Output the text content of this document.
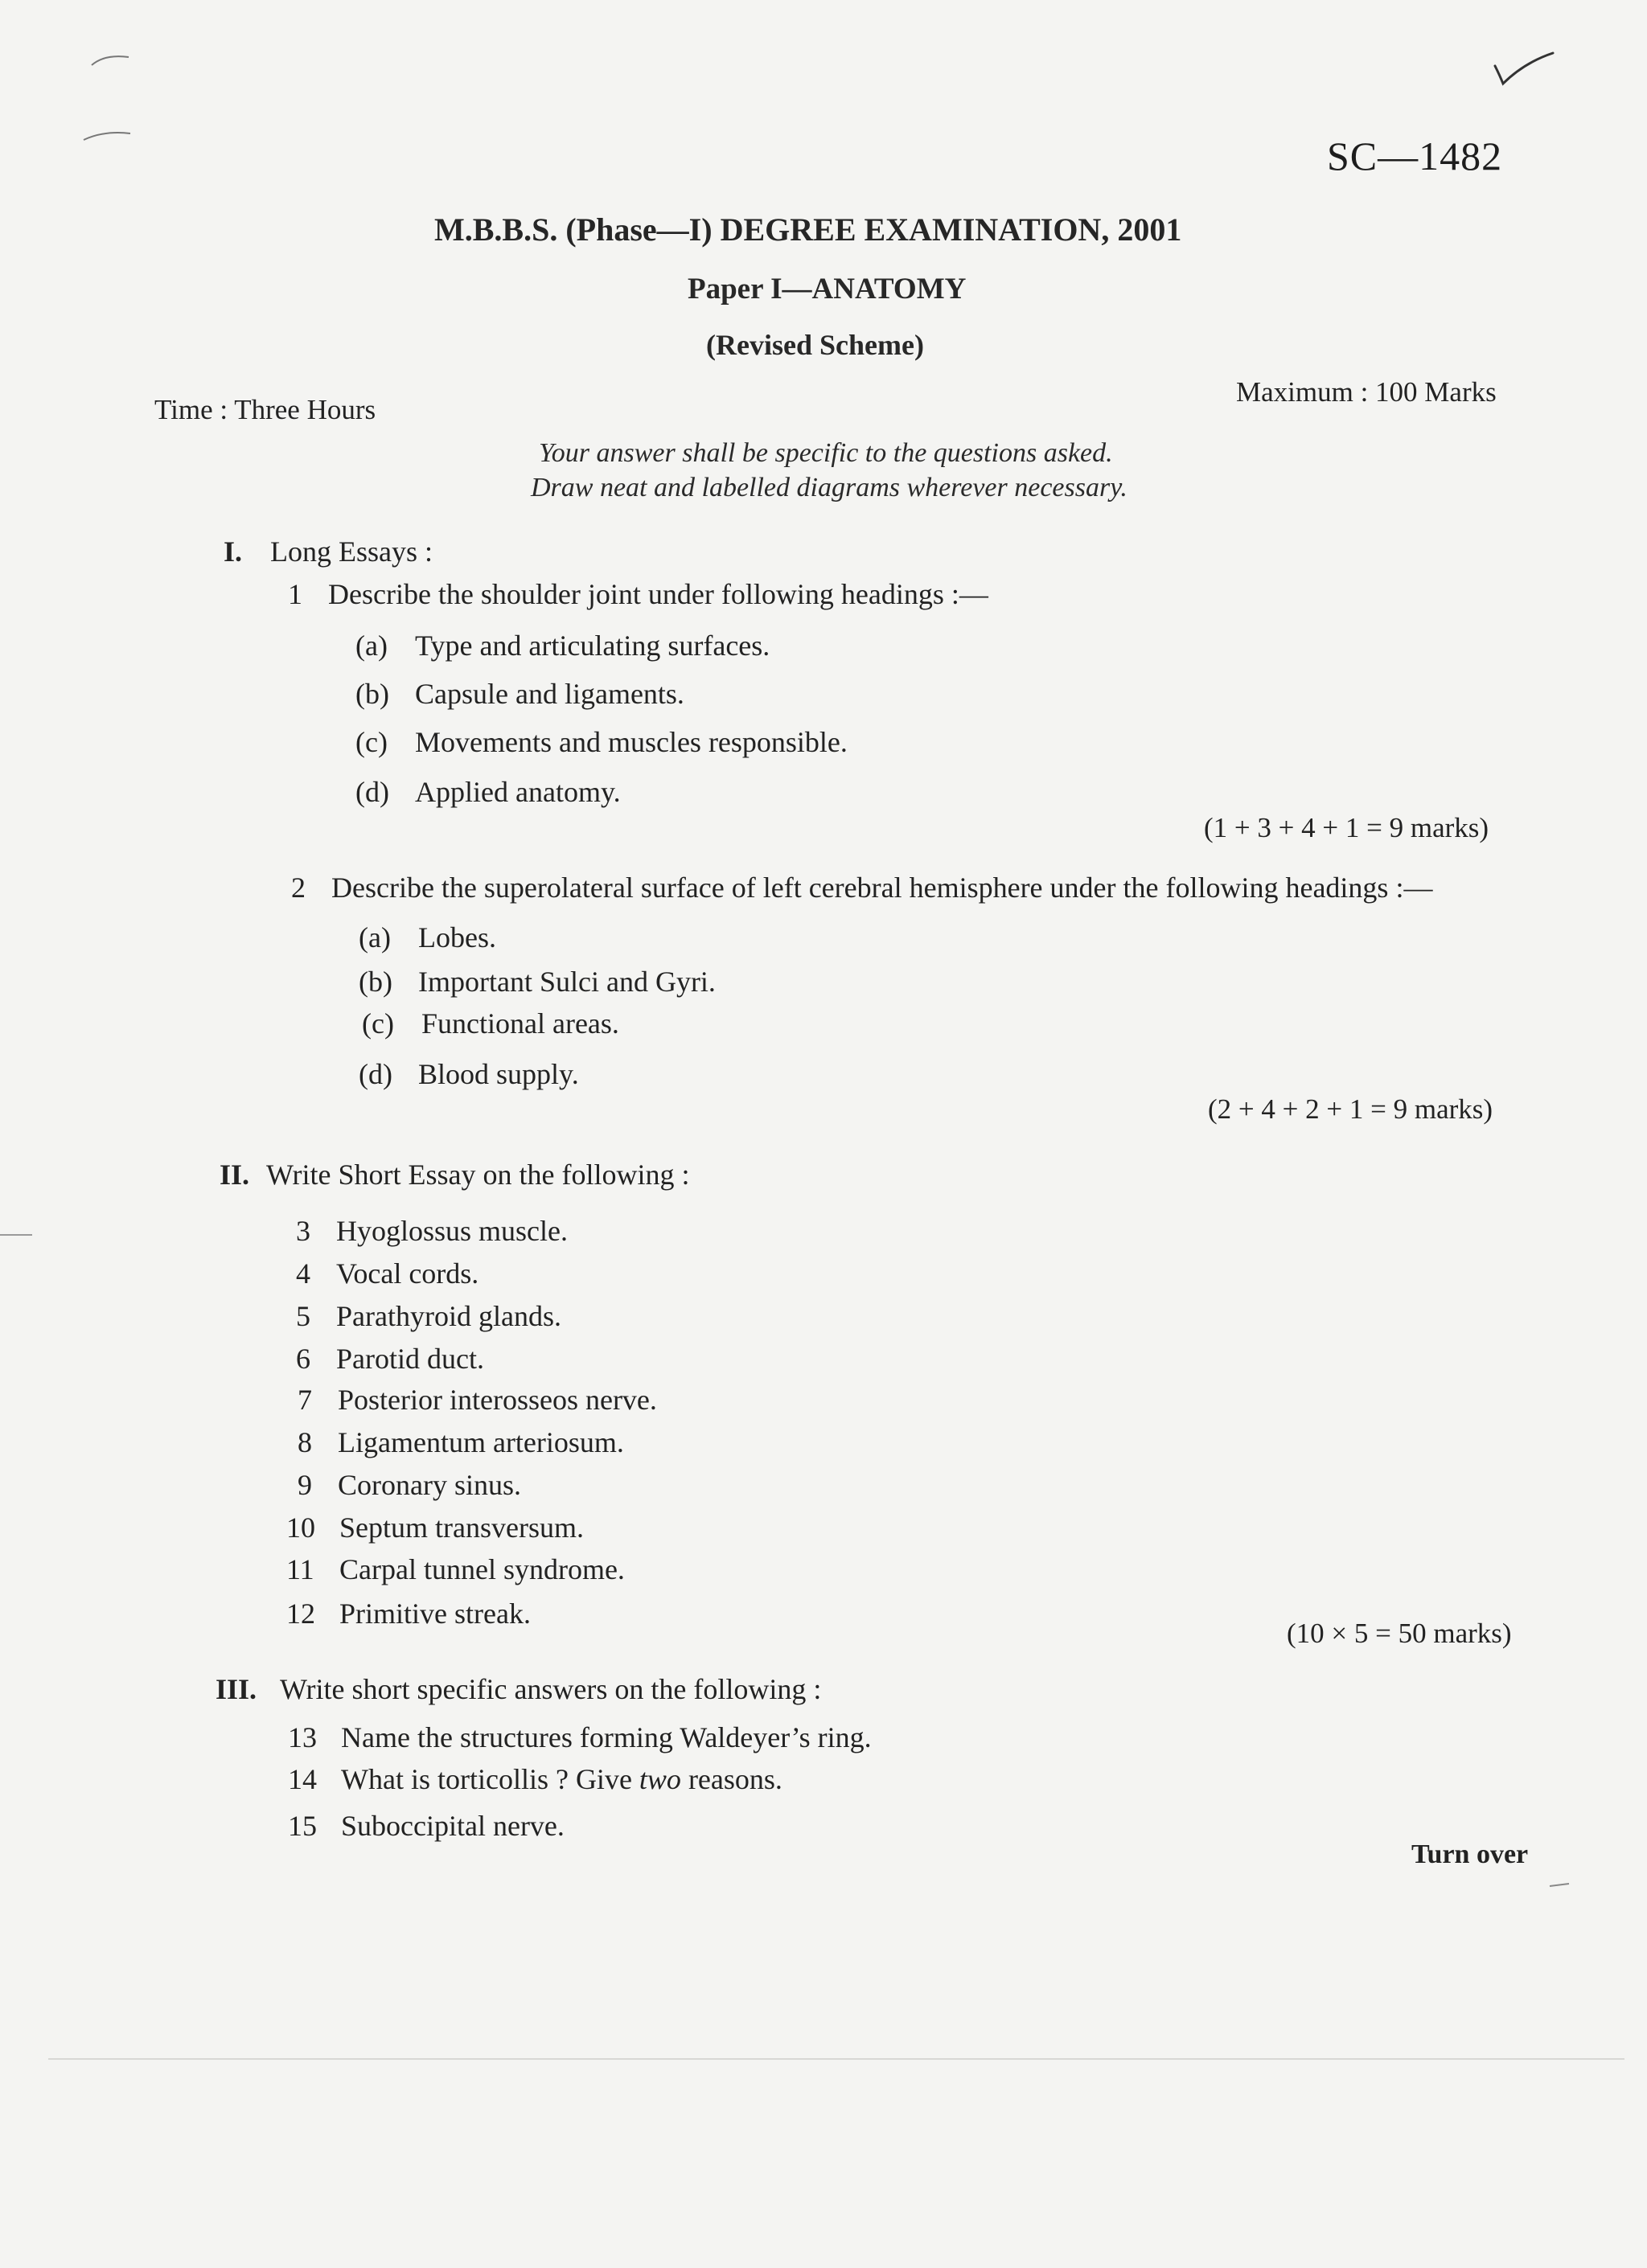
SC—1482
M.B.B.S. (Phase—I) DEGREE EXAMINATION, 2001
Paper I—ANATOMY
(Revised Scheme)
Time : Three Hours
Maximum : 100 Marks
Your answer shall be specific to the questions asked.
Draw neat and labelled diagrams wherever necessary.
I. Long Essays :
1 Describe the shoulder joint under following headings :—
(a) Type and articulating surfaces.
(b) Capsule and ligaments.
(c) Movements and muscles responsible.
(d) Applied anatomy.
(1 + 3 + 4 + 1 = 9 marks)
2 Describe the superolateral surface of left cerebral hemisphere under the following headings :—
(a) Lobes.
(b) Important Sulci and Gyri.
(c) Functional areas.
(d) Blood supply.
(2 + 4 + 2 + 1 = 9 marks)
II. Write Short Essay on the following :
3 Hyoglossus muscle.
4 Vocal cords.
5 Parathyroid glands.
6 Parotid duct.
7 Posterior interosseos nerve.
8 Ligamentum arteriosum.
9 Coronary sinus.
10 Septum transversum.
11 Carpal tunnel syndrome.
12 Primitive streak.
(10 × 5 = 50 marks)
III. Write short specific answers on the following :
13 Name the structures forming Waldeyer’s ring.
14 What is torticollis ? Give two reasons.
15 Suboccipital nerve.
Turn over
